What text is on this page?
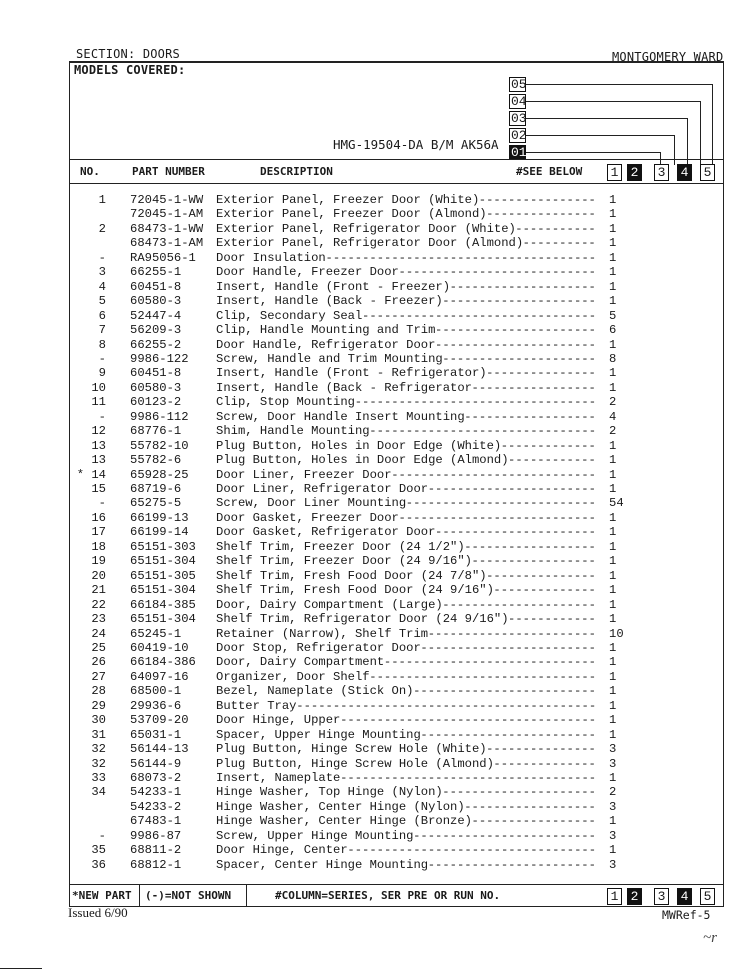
SECTION: DOORS	MONTGOMERY WARD
MODELS COVERED:
HMG-19504-DA B/M AK56A
05
04
03
02
01
NO.	PART NUMBER	DESCRIPTION	#SEE BELOW 1 2 3 4 5
1 72045-1-WW Exterior Panel, Freezer Door (White) ---------------- 1
72045-1-AM Exterior Panel, Freezer Door (Almond) --------------- 1
2 68473-1-WW Exterior Panel, Refrigerator Door (White) ----------- 1
68473-1-AM Exterior Panel, Refrigerator Door (Almond) ---------- 1
- RA95056-1 Door Insulation ------------------------------------- 1
3 66255-1	Door Handle, Freezer Door --------------------------- 1
4 60451-8	Insert, Handle (Front - Freezer) -------------------- 1
5 60580-3	Insert, Handle (Back - Freezer) --------------------- 1
6 52447-4	Clip, Secondary Seal -------------------------------- 5
7 56209-3	Clip, Handle Mounting and Trim ---------------------- 6
8 66255-2	Door Handle, Refrigerator Door ---------------------- 1
- 9986-122 Screw, Handle and Trim Mounting --------------------- 8
9 60451-8	Insert, Handle (Front - Refrigerator) --------------- 1
10 60580-3	Insert, Handle (Back - Refrigerator ----------------- 1
11 60123-2	Clip, Stop Mounting --------------------------------- 2
- 9986-112 Screw, Door Handle Insert Mounting ------------------ 4
12 68776-1	Shim, Handle Mounting ------------------------------- 2
13 55782-10 Plug Button, Holes in Door Edge (White) ------------- 1
13 55782-6	Plug Button, Holes in Door Edge (Almond) ------------ 1
* 14 65928-25 Door Liner, Freezer Door ---------------------------- 1
15 68719-6	Door Liner, Refrigerator Door ----------------------- 1
- 65275-5	Screw, Door Liner Mounting -------------------------- 54
16 66199-13 Door Gasket, Freezer Door --------------------------- 1
17 66199-14 Door Gasket, Refrigerator Door ---------------------- 1
18 65151-303 Shelf Trim, Freezer Door (24 1/2") ------------------ 1
19 65151-304 Shelf Trim, Freezer Door (24 9/16") ----------------- 1
20 65151-305 Shelf Trim, Fresh Food Door (24 7/8") --------------- 1
21 65151-304 Shelf Trim, Fresh Food Door (24 9/16") -------------- 1
22 66184-385 Door, Dairy Compartment (Large) --------------------- 1
23 65151-304 Shelf Trim, Refrigerator Door (24 9/16") ------------ 1
24 65245-1	Retainer (Narrow), Shelf Trim ----------------------- 10
25 60419-10 Door Stop, Refrigerator Door ------------------------ 1
26 66184-386 Door, Dairy Compartment ----------------------------- 1
27 64097-16 Organizer, Door Shelf ------------------------------- 1
28 68500-1	Bezel, Nameplate (Stick On) ------------------------- 1
29 29936-6	Butter Tray ----------------------------------------- 1
30 53709-20 Door Hinge, Upper ----------------------------------- 1
31 65031-1	Spacer, Upper Hinge Mounting ------------------------ 1
32 56144-13 Plug Button, Hinge Screw Hole (White) --------------- 3
32 56144-9	Plug Button, Hinge Screw Hole (Almond) -------------- 3
33 68073-2	Insert, Nameplate ----------------------------------- 1
34 54233-1	Hinge Washer, Top Hinge (Nylon) --------------------- 2
54233-2	Hinge Washer, Center Hinge (Nylon) ------------------ 3
67483-1	Hinge Washer, Center Hinge (Bronze) ----------------- 1
- 9986-87	Screw, Upper Hinge Mounting ------------------------- 3
35 68811-2	Door Hinge, Center ---------------------------------- 1
36 68812-1	Spacer, Center Hinge Mounting ----------------------- 3
*NEW PART (-)=NOT SHOWN	#COLUMN=SERIES, SER PRE OR RUN NO.	1 2 3 4 5
Issued 6/90	MWRef-5
~r
